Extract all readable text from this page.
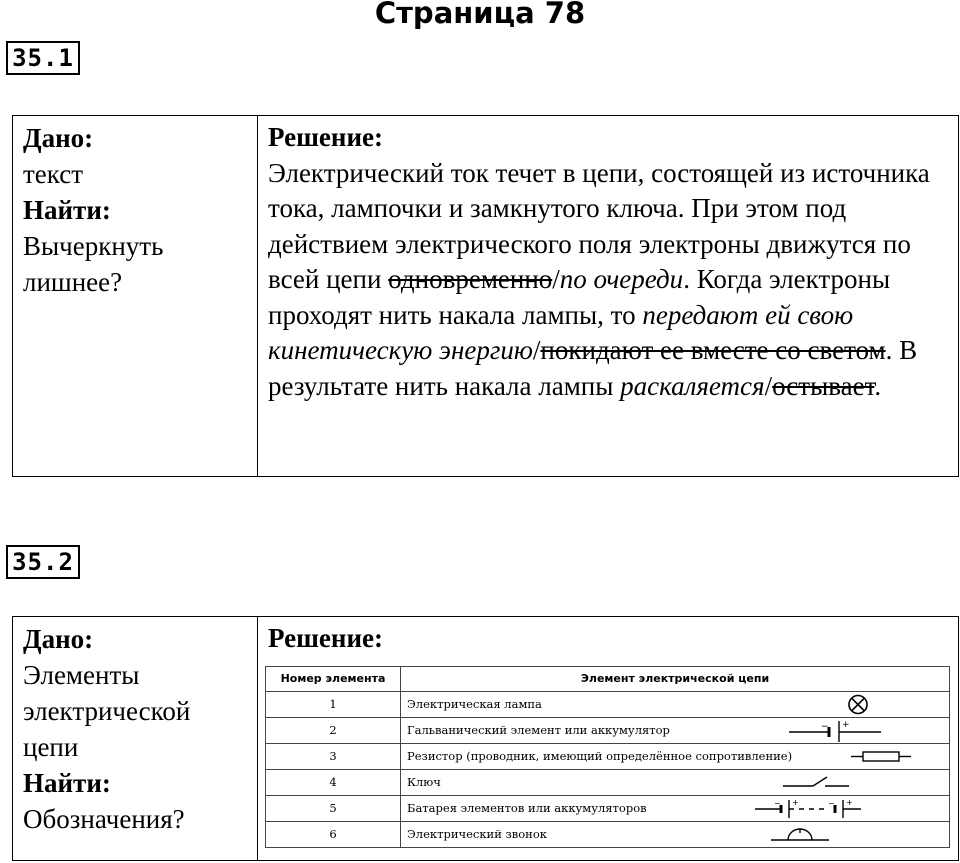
Страница 78
35.1
Дано:
текст
Найти:
Вычеркнуть лишнее?

Решение:
Электрический ток течет в цепи, состоящей из источника тока, лампочки и замкнутого ключа. При этом под действием электрического поля электроны движутся по всей цепи одновременно/по очереди. Когда электроны проходят нить накала лампы, то передают ей свою кинетическую энергию/покидают ее вместе со светом. В результате нить накала лампы раскаляется/остывает.
35.2
Дано:
Элементы электрической цепи
Найти:
Обозначения?

Решение:
Номер элемента	Элемент электрической цепи
1	Электрическая лампа

2	Гальванический элемент или аккумулятор	− +

3	Резистор (проводник, имеющий определённое сопротивление)

4	Ключ

5	Батарея элементов или аккумуляторов	− +	− +

6	Электрический звонок
